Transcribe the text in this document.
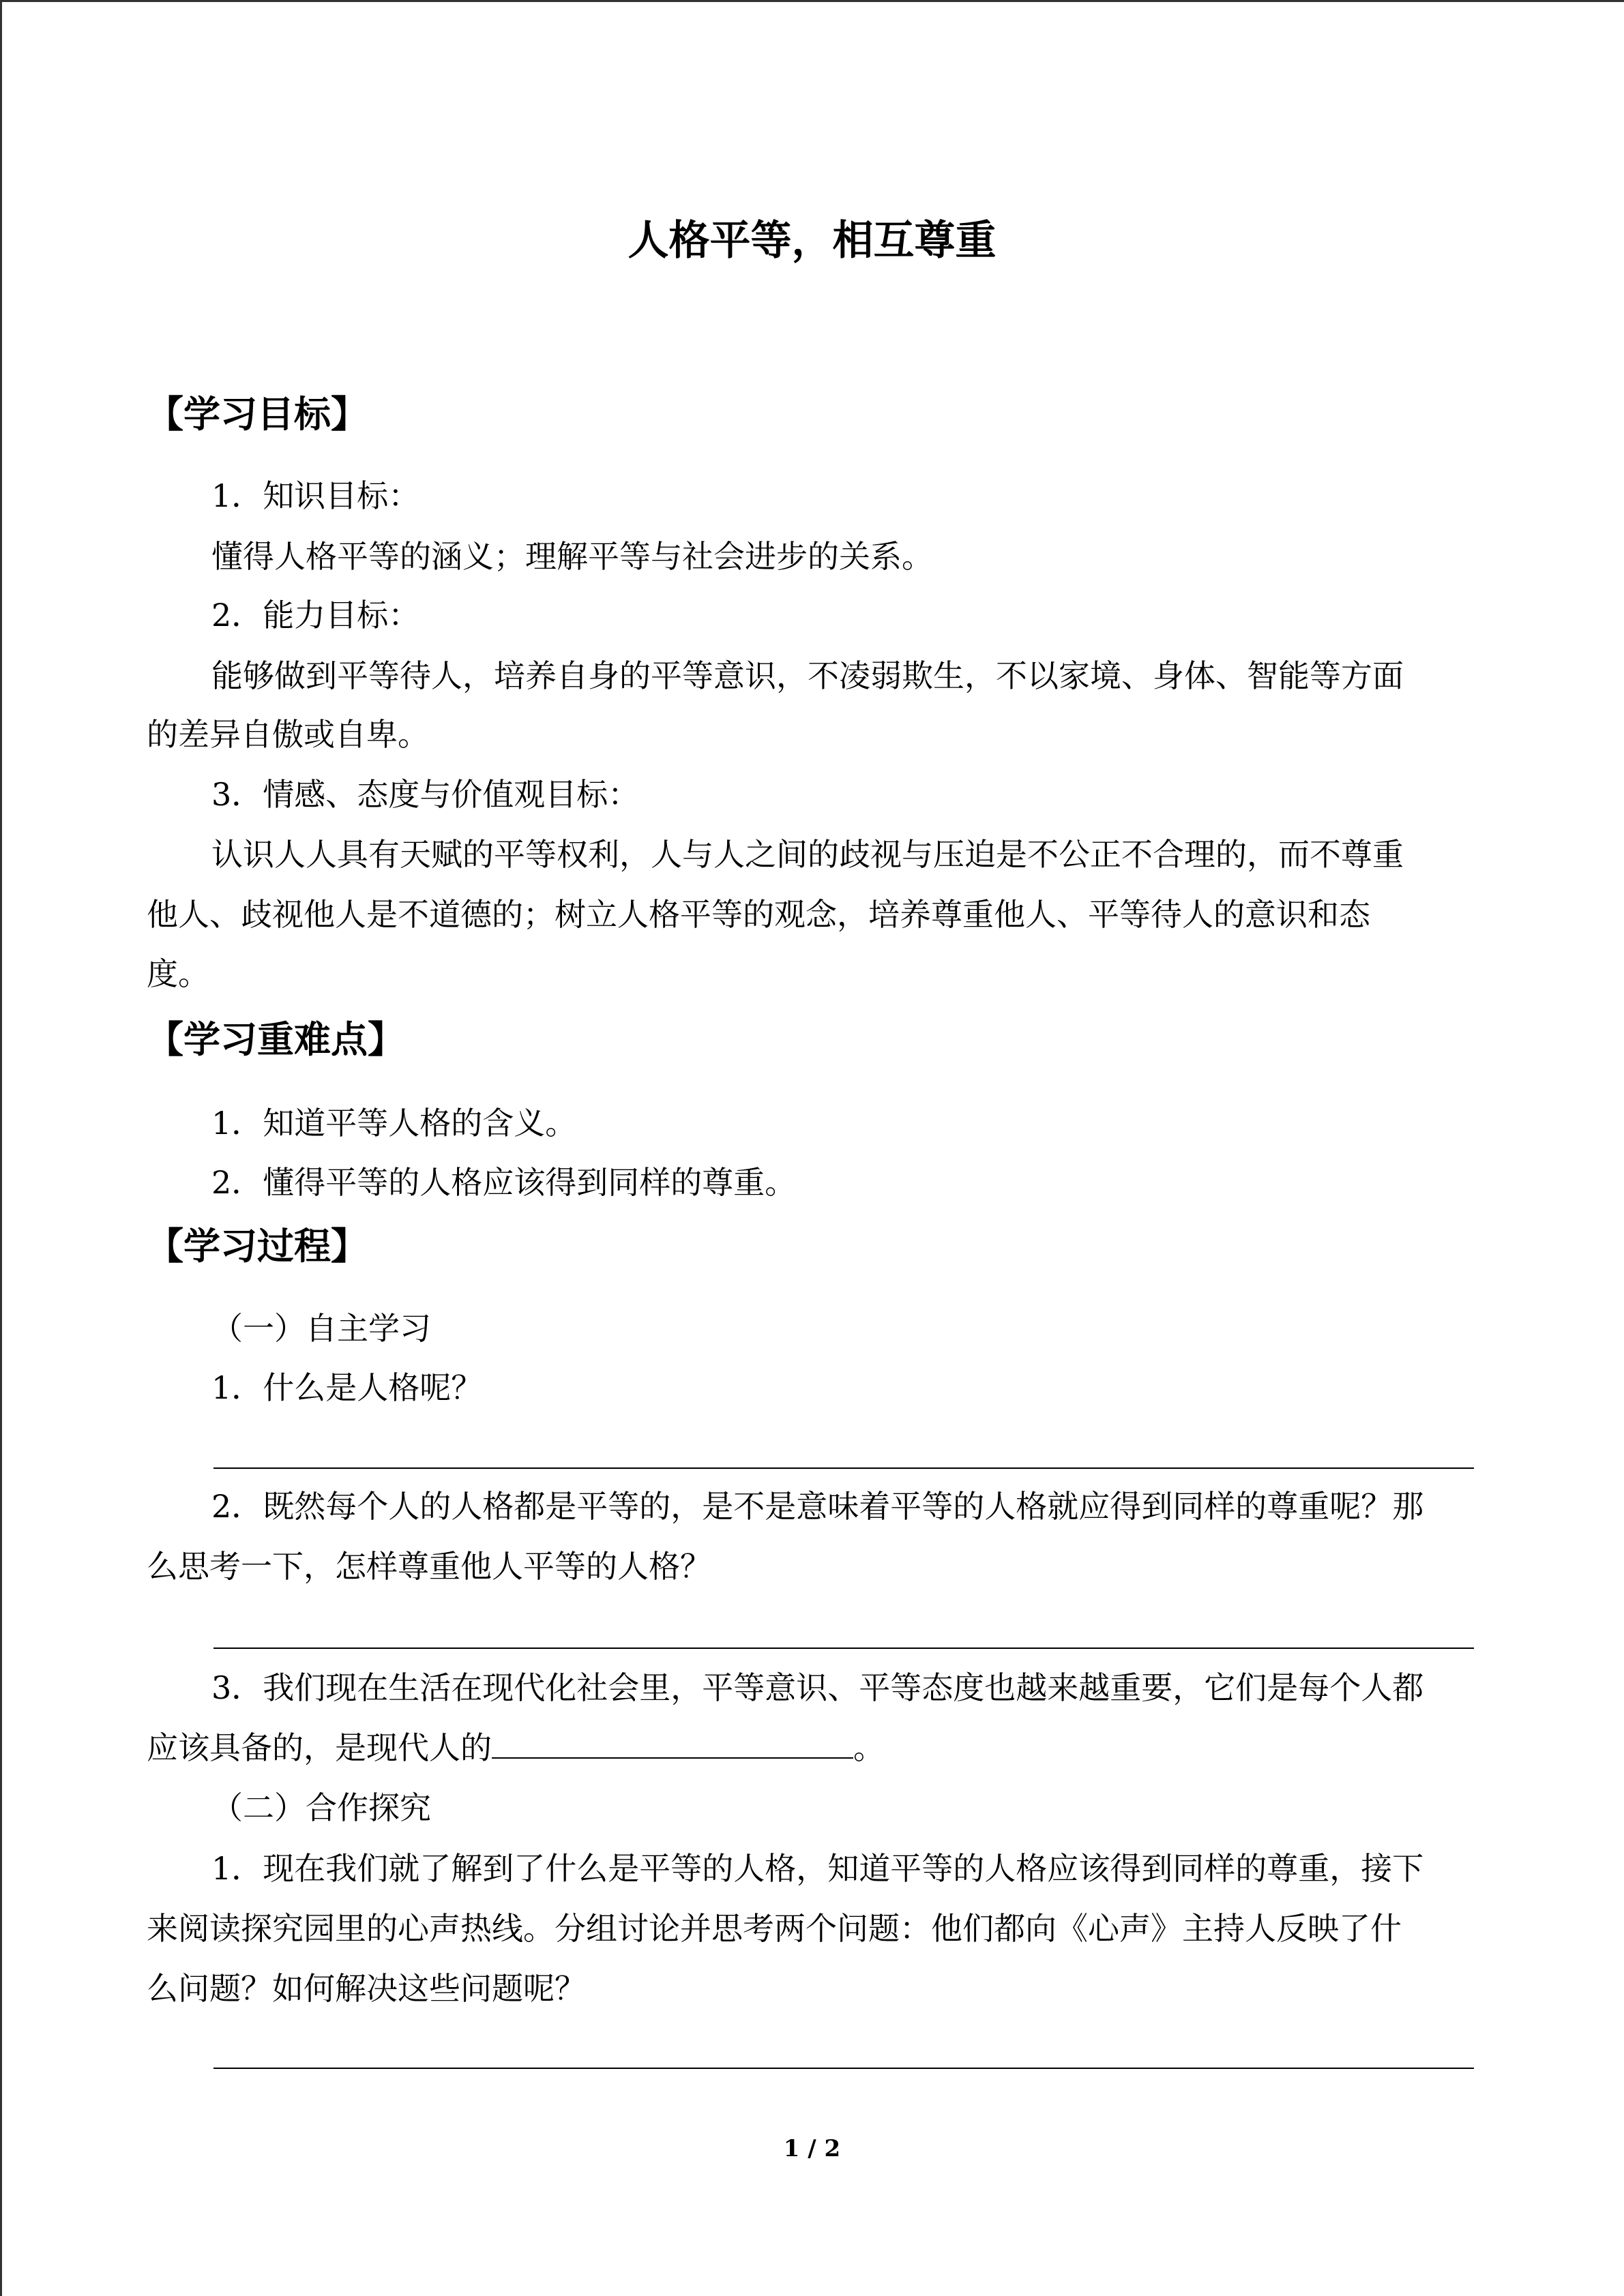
人格平等，相互尊重
【学习目标】
1．知识目标：
懂得人格平等的涵义；理解平等与社会进步的关系。
2．能力目标：
能够做到平等待人，培养自身的平等意识，不凌弱欺生，不以家境、身体、智能等方面
的差异自傲或自卑。
3．情感、态度与价值观目标：
认识人人具有天赋的平等权利，人与人之间的歧视与压迫是不公正不合理的，而不尊重
他人、歧视他人是不道德的；树立人格平等的观念，培养尊重他人、平等待人的意识和态
度。
【学习重难点】
1．知道平等人格的含义。
2．懂得平等的人格应该得到同样的尊重。
【学习过程】
（一）自主学习
1．什么是人格呢？
2．既然每个人的人格都是平等的，是不是意味着平等的人格就应得到同样的尊重呢？那
么思考一下，怎样尊重他人平等的人格？
3．我们现在生活在现代化社会里，平等意识、平等态度也越来越重要，它们是每个人都
应该具备的，是现代人的	。
（二）合作探究
1．现在我们就了解到了什么是平等的人格，知道平等的人格应该得到同样的尊重，接下
来阅读探究园里的心声热线。分组讨论并思考两个问题：他们都向《心声》主持人反映了什
么问题？如何解决这些问题呢？
1 / 2
